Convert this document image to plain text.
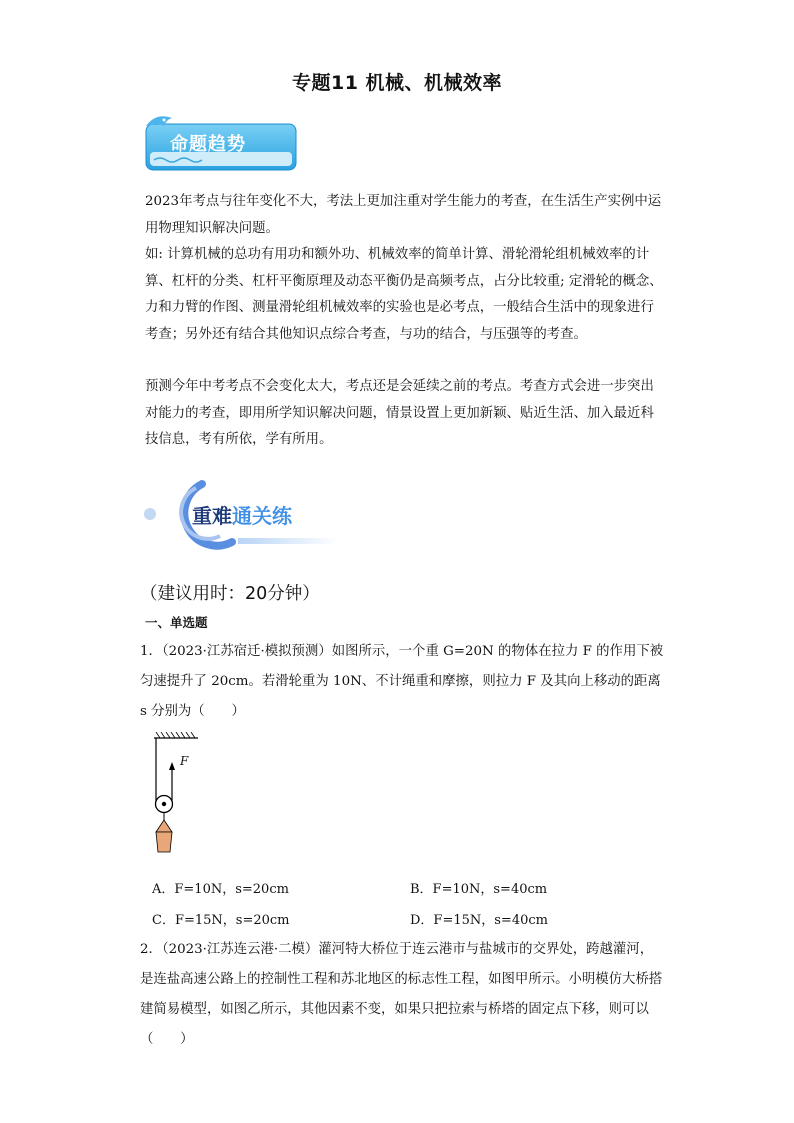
专题11 机械、机械效率
命题趋势

2023年考点与往年变化不大，考法上更加注重对学生能力的考查，在生活生产实例中运用物理知识解决问题。

如: 计算机械的总功有用功和额外功、机械效率的简单计算、滑轮滑轮组机械效率的计算、杠杆的分类、杠杆平衡原理及动态平衡仍是高频考点，占分比较重; 定滑轮的概念、力和力臂的作图、测量滑轮组机械效率的实验也是必考点，一般结合生活中的现象进行考查；另外还有结合其他知识点综合考查，与功的结合，与压强等的考查。

预测今年中考考点不会变化太大，考点还是会延续之前的考点。考查方式会进一步突出对能力的考查，即用所学知识解决问题，情景设置上更加新颖、贴近生活、加入最近科技信息，考有所依，学有所用。

重难通关练
（建议用时：20分钟）
一、单选题

1．（2023·江苏宿迁·模拟预测）如图所示，一个重 G=20N 的物体在拉力 F 的作用下被匀速提升了 20cm。若滑轮重为 10N、不计绳重和摩擦，则拉力 F 及其向上移动的距离 s 分别为（　　）

F
A．F=10N，s=20cm	B．F=10N，s=40cm
C．F=15N，s=20cm	D．F=15N，s=40cm

2．（2023·江苏连云港·二模）灌河特大桥位于连云港市与盐城市的交界处，跨越灌河，是连盐高速公路上的控制性工程和苏北地区的标志性工程，如图甲所示。小明模仿大桥搭建简易模型，如图乙所示，其他因素不变，如果只把拉索与桥塔的固定点下移，则可以（　　）
